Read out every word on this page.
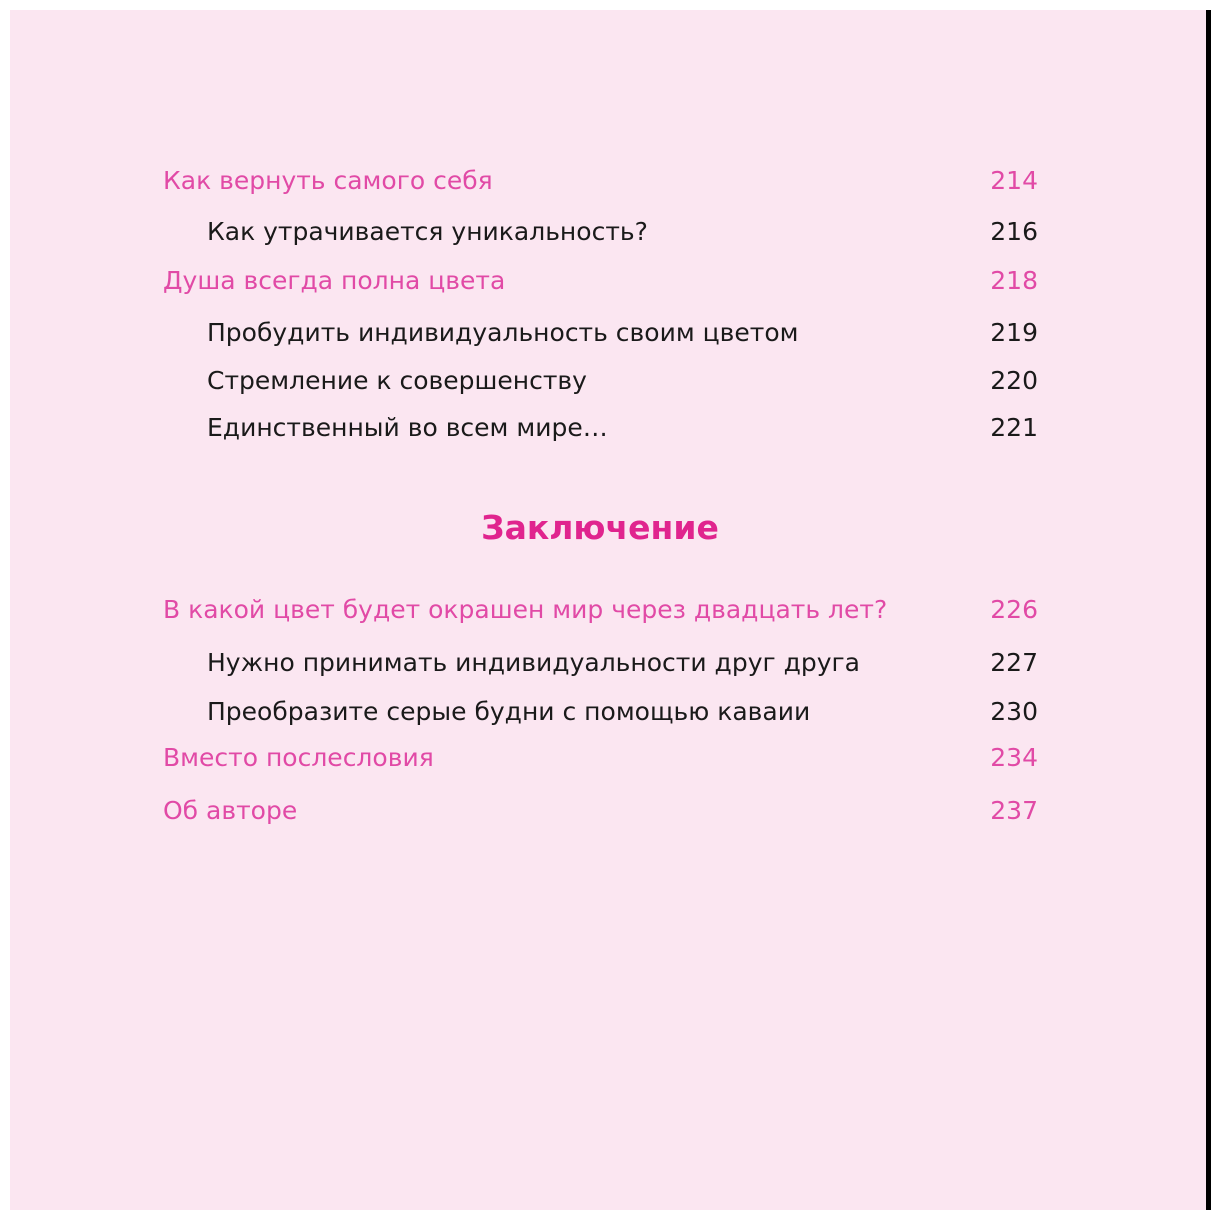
Как вернуть самого себя	214
Как утрачивается уникальность?	216
Душа всегда полна цвета	218
Пробудить индивидуальность своим цветом	219
Стремление к совершенству	220
Единственный во всем мире…	221
Заключение
В какой цвет будет окрашен мир через двадцать лет?	226
Нужно принимать индивидуальности друг друга	227
Преобразите серые будни с помощью каваии	230
Вместо послесловия	234
Об авторе	237
